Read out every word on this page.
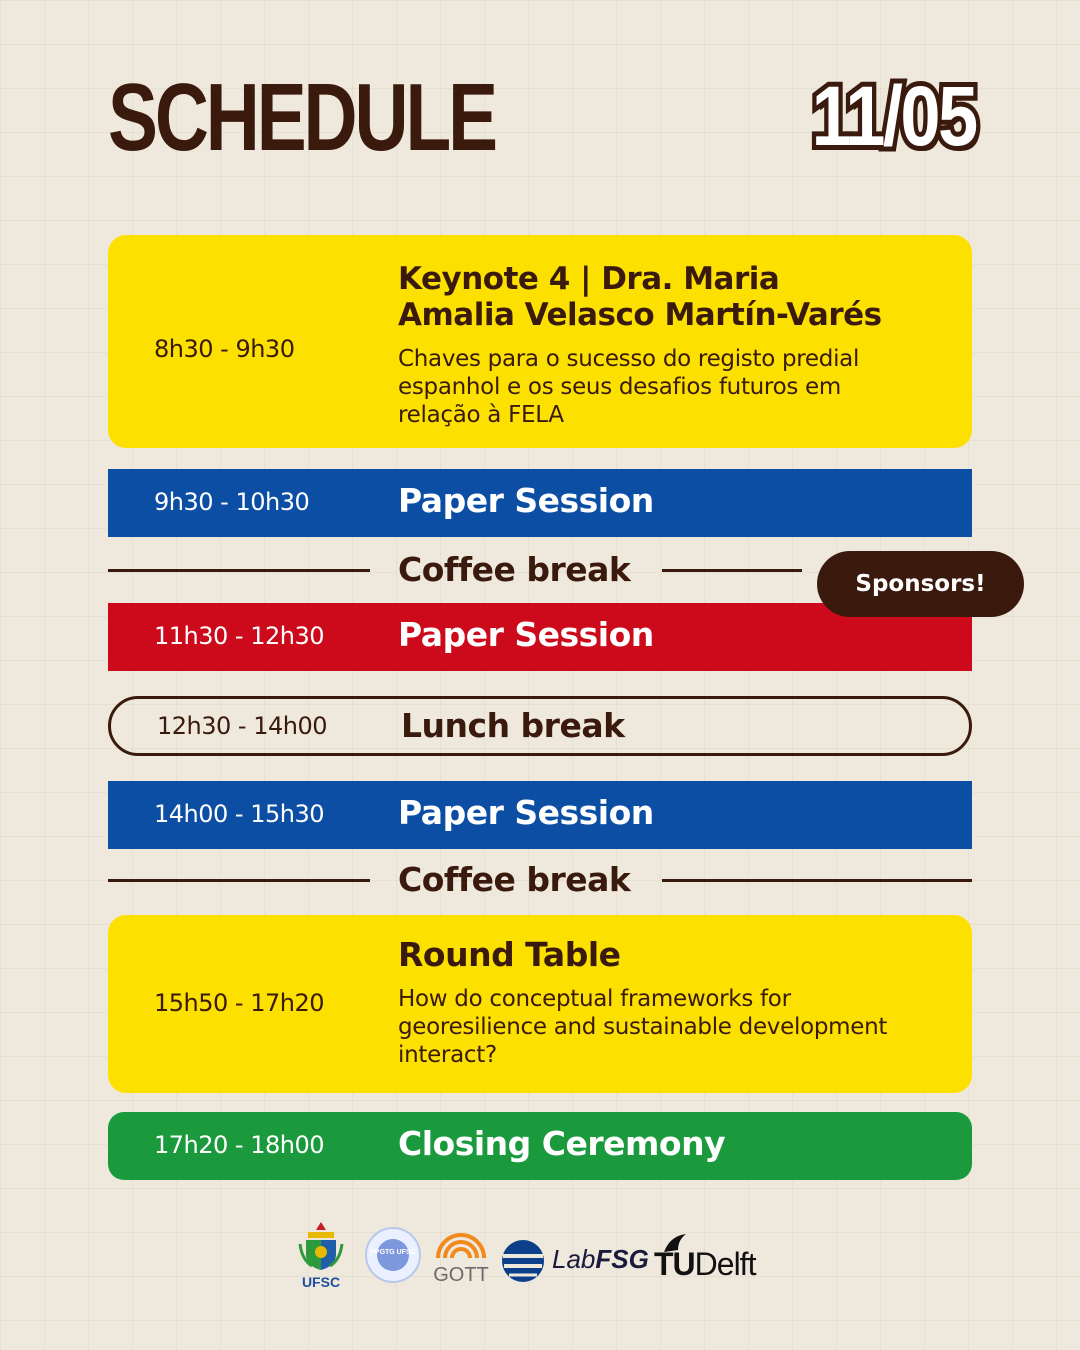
SCHEDULE	11/05
8h30 - 9h30
Keynote 4 | Dra. Maria
Amalia Velasco Martín-Varés
Chaves para o sucesso do registo predial
espanhol e os seus desafios futuros em
relação à FELA
9h30 - 10h30	Paper Session
Coffee break
11h30 - 12h30 Paper Session
Sponsors!
12h30 - 14h00 Lunch break
14h00 - 15h30 Paper Session
Coffee break
15h50 - 17h20
Round Table
How do conceptual frameworks for
georesilience and sustainable development
interact?
17h20 - 18h00 Closing Ceremony
UFSC
PPGTG UFSC
GOTT
LabFSG TUDelft
